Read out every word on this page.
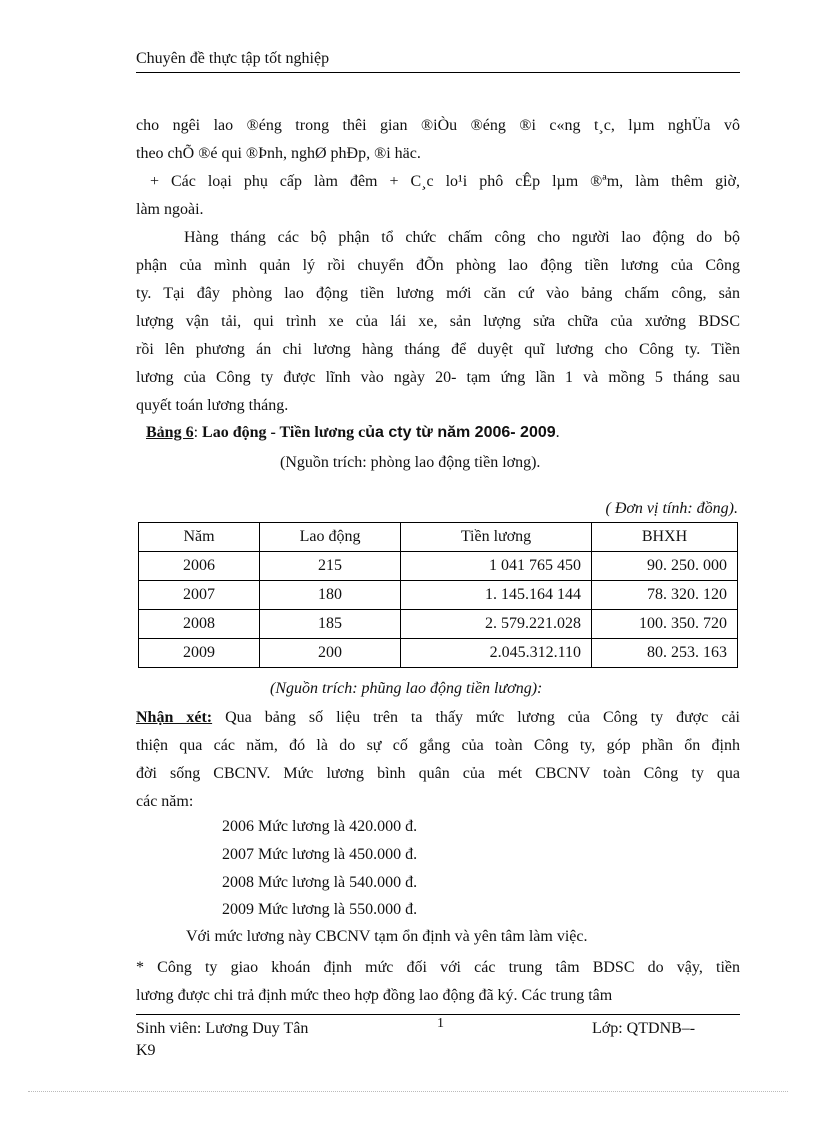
Chuyên đề thực tập tốt nghiệp
cho ngêi lao ®éng trong thêi gian ®iÒu ®éng ®i c«ng t¸c, lµm nghÜa vô
theo chÕ ®é qui ®Þnh, nghØ phÐp, ®i häc.
+ Các loại phụ cấp làm đêm + C¸c lo¹i phô cÊp lµm ®ªm, làm thêm giờ,
làm ngoài.
Hàng tháng các bộ phận tổ chức chấm công cho người lao động do bộ
phận của mình quản lý rồi chuyển đÕn phòng lao động tiền lương của Công
ty. Tại đây phòng lao động tiền lương mới căn cứ vào bảng chấm công, sản
lượng vận tải, qui trình xe của lái xe, sản lượng sửa chữa của xưởng BDSC
rồi lên phương án chi lương hàng tháng để duyệt quĩ lương cho Công ty. Tiền
lương của Công ty được lĩnh vào ngày 20- tạm ứng lần 1 và mồng 5 tháng sau
quyết toán lương tháng.
Bảng 6: Lao động - Tiền lương của cty từ năm 2006- 2009.
(Nguồn trích: phòng lao động tiền lơng).
( Đơn vị tính: đồng).
Năm	Lao động	Tiền lương	BHXH
2006	215	1 041 765 450	90. 250. 000
2007	180	1. 145.164 144	78. 320. 120
2008	185	2. 579.221.028	100. 350. 720
2009	200	2.045.312.110	80. 253. 163
(Nguồn trích: phũng lao động tiền lương):
Nhận xét: Qua bảng số liệu trên ta thấy mức lương của Công ty được cải
thiện qua các năm, đó là do sự cố gắng của toàn Công ty, góp phần ổn định
đời sống CBCNV. Mức lương bình quân của mét CBCNV toàn Công ty qua
các năm:
2006 Mức lương là 420.000 đ.
2007 Mức lương là 450.000 đ.
2008 Mức lương là 540.000 đ.
2009 Mức lương là 550.000 đ.
Với mức lương này CBCNV tạm ổn định và yên tâm làm việc.
* Công ty giao khoán định mức đối với các trung tâm BDSC do vậy, tiền
lương được chi trả định mức theo hợp đồng lao động đã ký. Các trung tâm
Sinh viên: Lương Duy Tân
K9
1	Lớp: QTDNB–-
